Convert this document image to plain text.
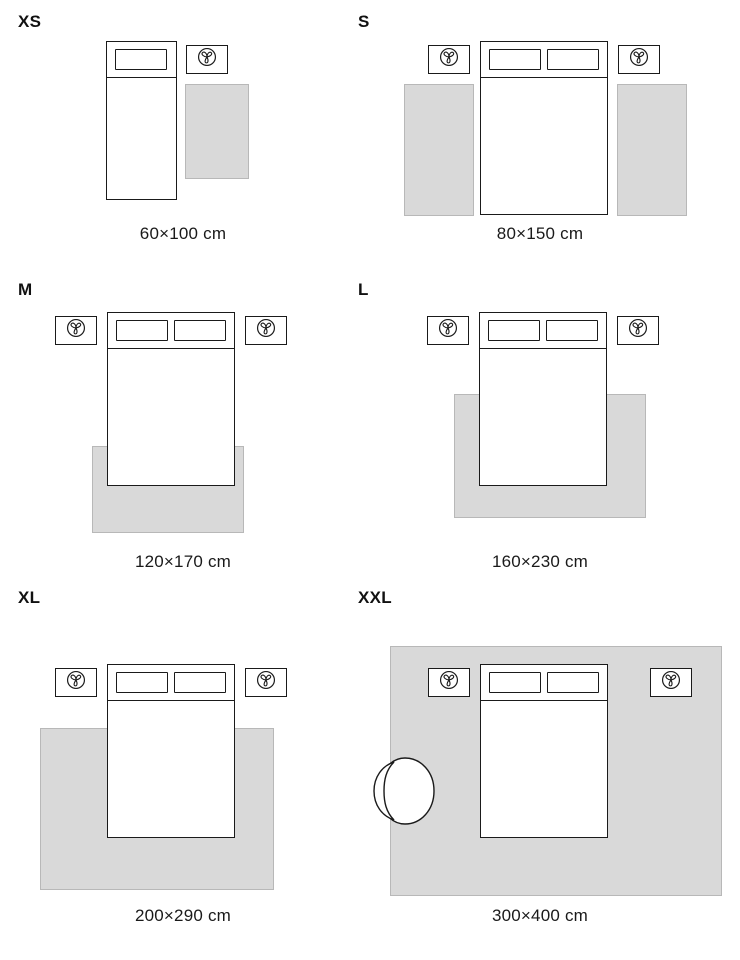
XS
60×100 cm
S
80×150 cm
M
120×170 cm
L
160×230 cm
XL
200×290 cm
XXL
300×400 cm
